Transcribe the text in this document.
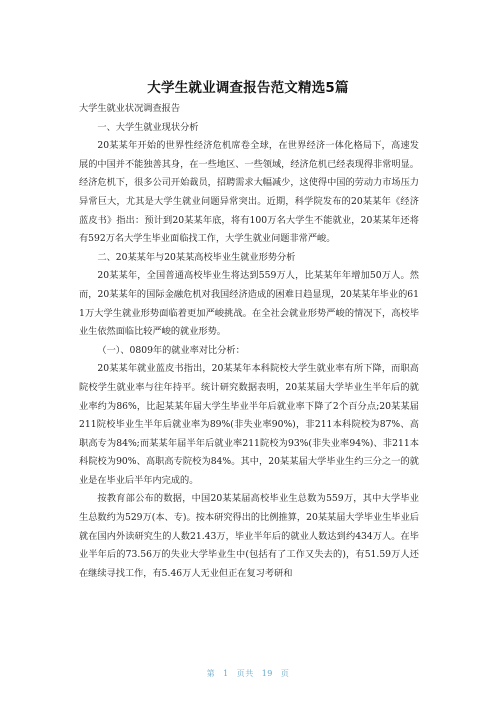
大学生就业调查报告范文精选5篇

大学生就业状况调查报告

一、大学生就业现状分析

20某某年开始的世界性经济危机席卷全球，在世界经济一体化格局下，高速发展的中国并不能独善其身，在一些地区、一些领域，经济危机已经表现得非常明显。经济危机下，很多公司开始裁员，招聘需求大幅减少，这使得中国的劳动力市场压力异常巨大，尤其是大学生就业问题异常突出。近期，科学院发布的20某某年《经济蓝皮书》指出：预计到20某某年底，将有100万名大学生不能就业，20某某年还将有592万名大学生毕业面临找工作，大学生就业问题非常严峻。

二、20某某年与20某某高校毕业生就业形势分析

20某某年，全国普通高校毕业生将达到559万人，比某某年年增加50万人。然而，20某某年的国际金融危机对我国经济造成的困难日趋显现，20某某年毕业的611万大学生就业形势面临着更加严峻挑战。在全社会就业形势严峻的情况下，高校毕业生依然面临比较严峻的就业形势。

（一）、0809年的就业率对比分析：

20某某年就业蓝皮书指出，20某某年本科院校大学生就业率有所下降，而职高院校学生就业率与往年持平。统计研究数据表明，20某某届大学毕业生半年后的就业率约为86%，比起某某年届大学生毕业半年后就业率下降了2个百分点;20某某届211院校毕业生半年后就业率为89%(非失业率90%)，非211本科院校为87%、高职高专为84%;而某某年届半年后就业率211院校为93%(非失业率94%)、非211本科院校为90%、高职高专院校为84%。其中，20某某届大学毕业生约三分之一的就业是在毕业后半年内完成的。

按教育部公布的数据，中国20某某届高校毕业生总数为559万，其中大学毕业生总数约为529万(本、专)。按本研究得出的比例推算，20某某届大学毕业生毕业后就在国内外读研究生的人数21.43万，毕业半年后的就业人数达到约434万人。在毕业半年后的73.56万的失业大学毕业生中(包括有了工作又失去的)，有51.59万人还在继续寻找工作，有5.46万人无业但正在复习考研和

第 1 页共 19 页
